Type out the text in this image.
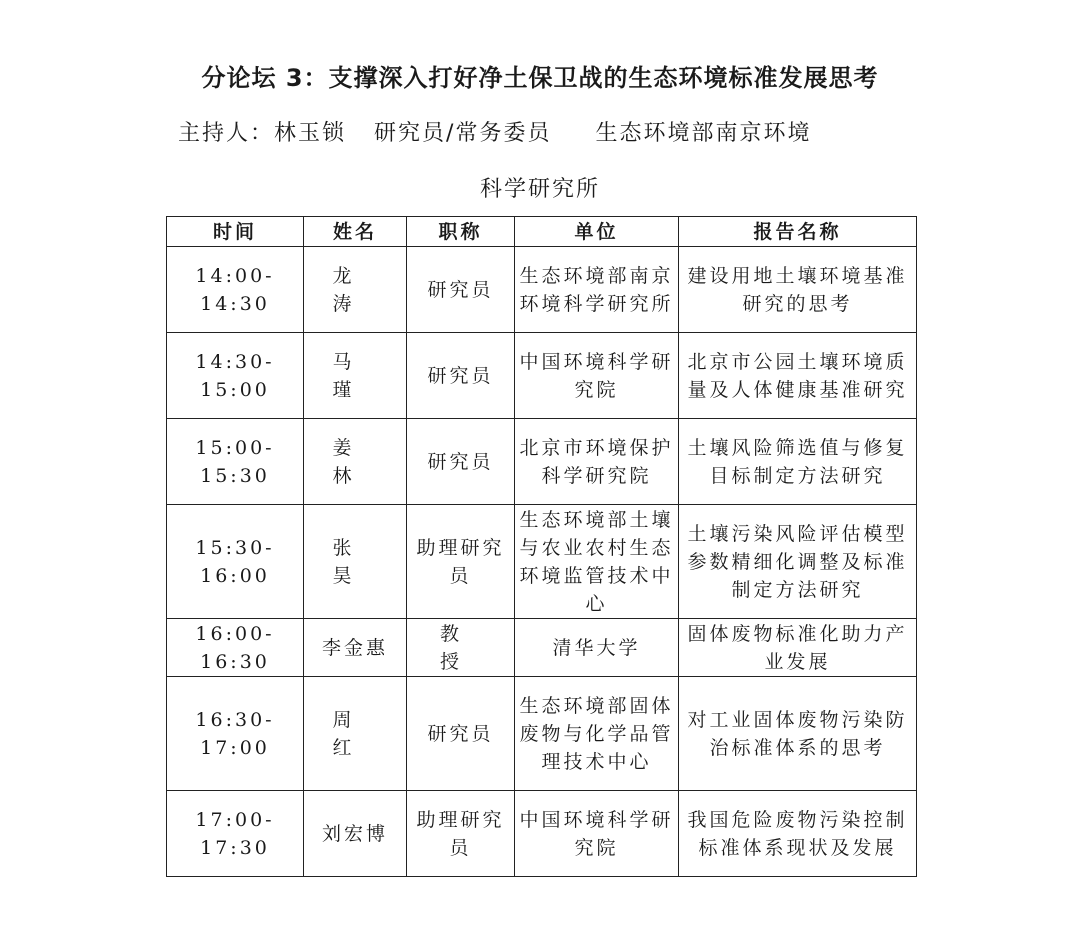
分论坛 3：支撑深入打好净土保卫战的生态环境标准发展思考
主持人：林玉锁 研究员/常务委员 生态环境部南京环境
科学研究所
时间	姓名	职称	单位	报告名称
14:00-14:30	龙 涛	研究员	生态环境部南京环境科学研究所	建设用地土壤环境基准研究的思考
14:30-15:00	马 瑾	研究员	中国环境科学研究院	北京市公园土壤环境质量及人体健康基准研究
15:00-15:30	姜 林	研究员	北京市环境保护科学研究院	土壤风险筛选值与修复目标制定方法研究
15:30-16:00	张 昊	助理研究员	生态环境部土壤与农业农村生态环境监管技术中心	土壤污染风险评估模型参数精细化调整及标准制定方法研究
16:00-16:30	李金惠	教 授	清华大学	固体废物标准化助力产业发展
16:30-17:00	周 红	研究员	生态环境部固体废物与化学品管理技术中心	对工业固体废物污染防治标准体系的思考
17:00-17:30	刘宏博	助理研究员	中国环境科学研究院	我国危险废物污染控制标准体系现状及发展
